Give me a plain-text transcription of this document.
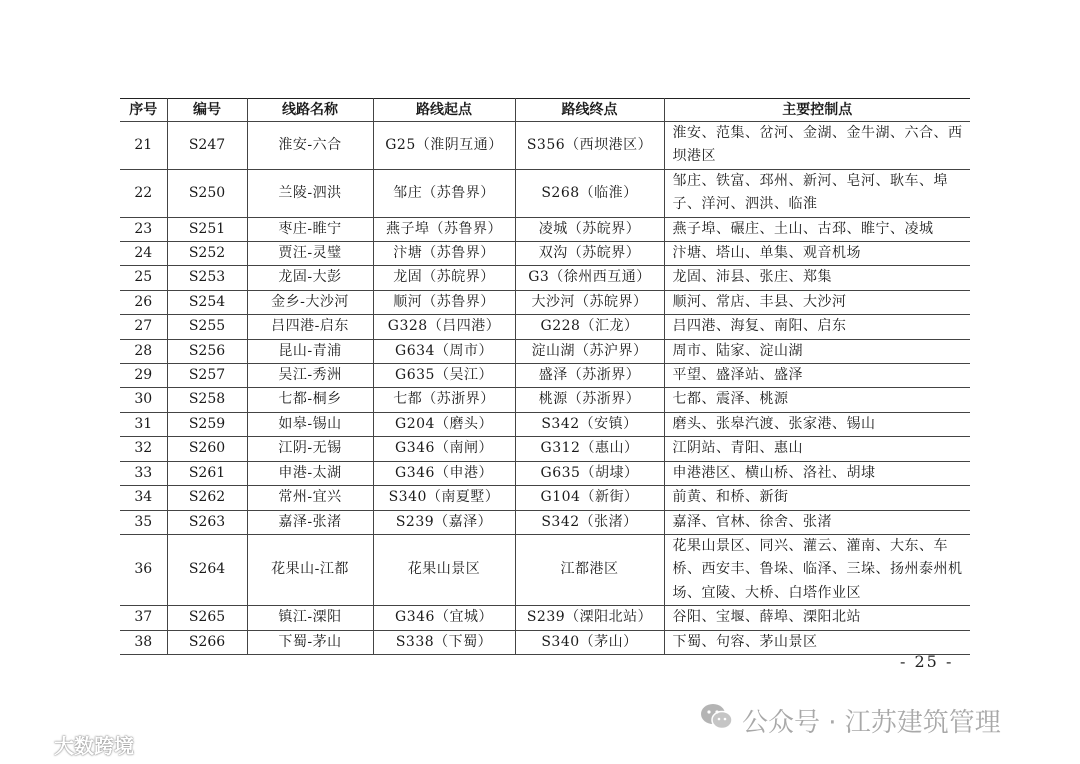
序号	编号	线路名称	路线起点	路线终点	主要控制点
21	S247	淮安-六合	G25（淮阴互通）	S356（西坝港区）	淮安、范集、岔河、金湖、金牛湖、六合、西坝港区
22	S250	兰陵-泗洪	邹庄（苏鲁界）	S268（临淮）	邹庄、铁富、邳州、新河、皂河、耿车、埠子、洋河、泗洪、临淮
23	S251	枣庄-睢宁	燕子埠（苏鲁界）	凌城（苏皖界）	燕子埠、碾庄、土山、古邳、睢宁、凌城
24	S252	贾汪-灵璧	汴塘（苏鲁界）	双沟（苏皖界）	汴塘、塔山、单集、观音机场
25	S253	龙固-大彭	龙固（苏皖界）	G3（徐州西互通）	龙固、沛县、张庄、郑集
26	S254	金乡-大沙河	顺河（苏鲁界）	大沙河（苏皖界）	顺河、常店、丰县、大沙河
27	S255	吕四港-启东	G328（吕四港）	G228（汇龙）	吕四港、海复、南阳、启东
28	S256	昆山-青浦	G634（周市）	淀山湖（苏沪界）	周市、陆家、淀山湖
29	S257	吴江-秀洲	G635（吴江）	盛泽（苏浙界）	平望、盛泽站、盛泽
30	S258	七都-桐乡	七都（苏浙界）	桃源（苏浙界）	七都、震泽、桃源
31	S259	如皋-锡山	G204（磨头）	S342（安镇）	磨头、张皋汽渡、张家港、锡山
32	S260	江阴-无锡	G346（南闸）	G312（惠山）	江阴站、青阳、惠山
33	S261	申港-太湖	G346（申港）	G635（胡埭）	申港港区、横山桥、洛社、胡埭
34	S262	常州-宜兴	S340（南夏墅）	G104（新街）	前黄、和桥、新街
35	S263	嘉泽-张渚	S239（嘉泽）	S342（张渚）	嘉泽、官林、徐舍、张渚
36	S264	花果山-江都	花果山景区	江都港区	花果山景区、同兴、灌云、灌南、大东、车桥、西安丰、鲁垛、临泽、三垛、扬州泰州机场、宜陵、大桥、白塔作业区
37	S265	镇江-溧阳	G346（宜城）	S239（溧阳北站）	谷阳、宝堰、薛埠、溧阳北站
38	S266	下蜀-茅山	S338（下蜀）	S340（茅山）	下蜀、句容、茅山景区
- 25 -
公众号 · 江苏建筑管理
大数跨境
